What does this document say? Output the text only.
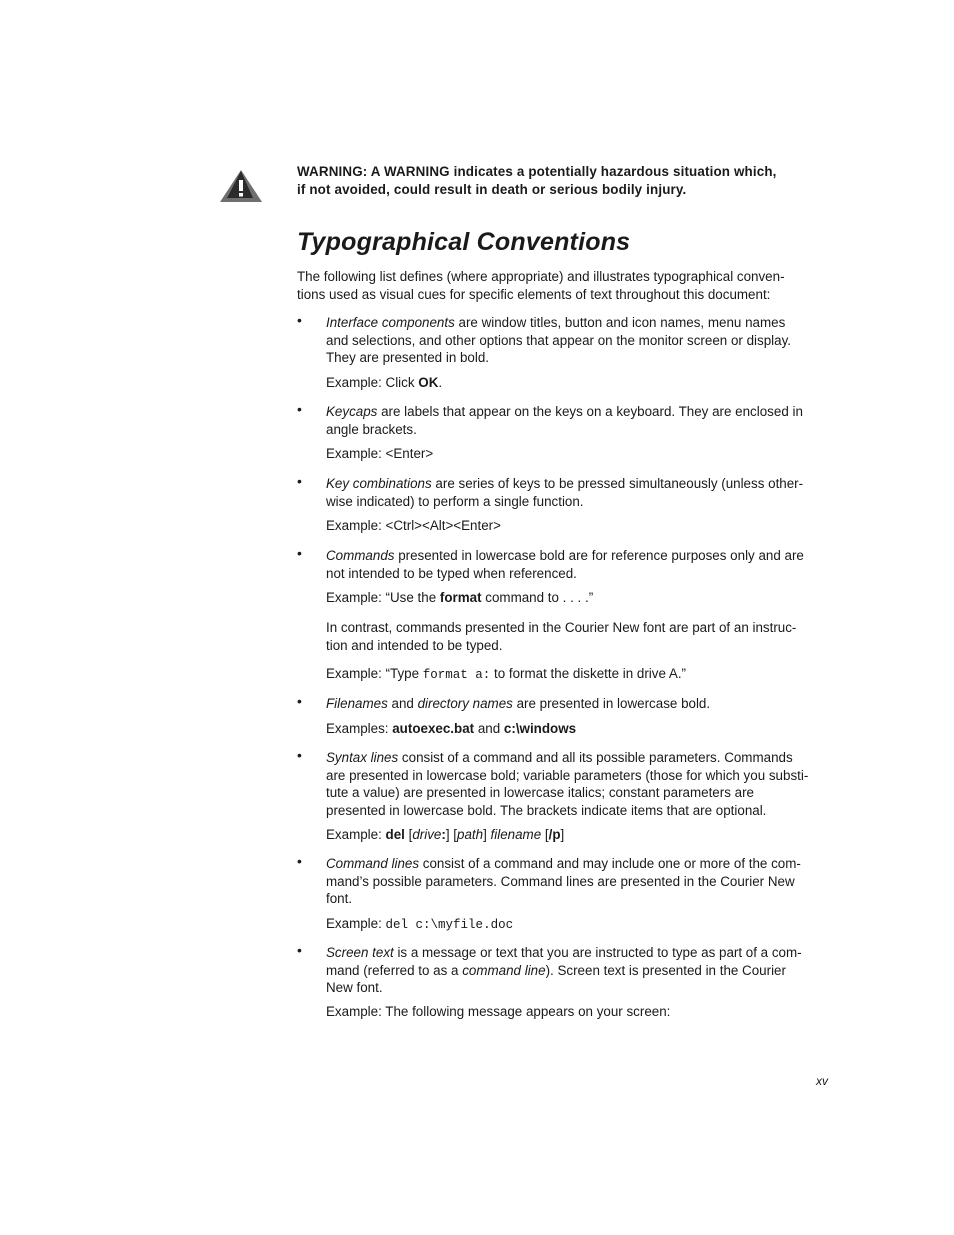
WARNING: A WARNING indicates a potentially hazardous situation which,
if not avoided, could result in death or serious bodily injury.
Typographical Conventions
The following list defines (where appropriate) and illustrates typographical conven-
tions used as visual cues for specific elements of text throughout this document:
• Interface components are window titles, button and icon names, menu names
and selections, and other options that appear on the monitor screen or display.
They are presented in bold.
Example: Click OK.
• Keycaps are labels that appear on the keys on a keyboard. They are enclosed in
angle brackets.
Example: <Enter>
• Key combinations are series of keys to be pressed simultaneously (unless other-
wise indicated) to perform a single function.
Example: <Ctrl><Alt><Enter>
• Commands presented in lowercase bold are for reference purposes only and are
not intended to be typed when referenced.
Example: “Use the format command to . . . .”
In contrast, commands presented in the Courier New font are part of an instruc-
tion and intended to be typed.
Example: “Type format a: to format the diskette in drive A.”
• Filenames and directory names are presented in lowercase bold.
Examples: autoexec.bat and c:\windows
• Syntax lines consist of a command and all its possible parameters. Commands
are presented in lowercase bold; variable parameters (those for which you substi-
tute a value) are presented in lowercase italics; constant parameters are
presented in lowercase bold. The brackets indicate items that are optional.
Example: del [drive:] [path] filename [/p]
• Command lines consist of a command and may include one or more of the com-
mand’s possible parameters. Command lines are presented in the Courier New
font.
Example: del c:\myfile.doc
• Screen text is a message or text that you are instructed to type as part of a com-
mand (referred to as a command line). Screen text is presented in the Courier
New font.
Example: The following message appears on your screen:
xv
